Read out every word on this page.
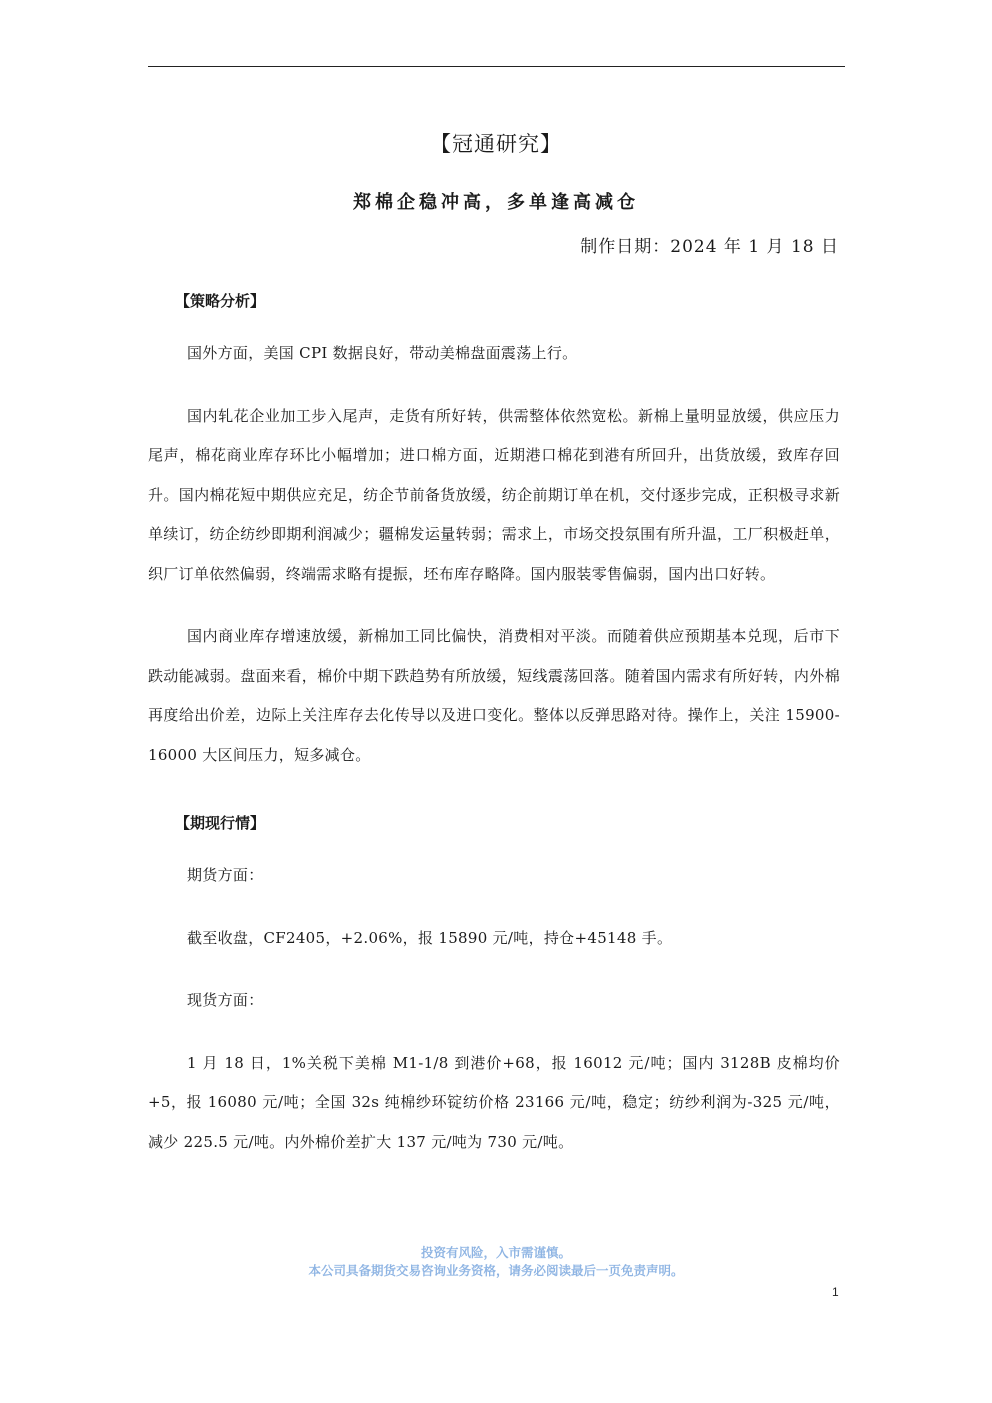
【冠通研究】
郑棉企稳冲高，多单逢高减仓
制作日期：2024 年 1 月 18 日
【策略分析】

国外方面，美国 CPI 数据良好，带动美棉盘面震荡上行。

国内轧花企业加工步入尾声，走货有所好转，供需整体依然宽松。新棉上量明显放缓，供应压力尾声，棉花商业库存环比小幅增加；进口棉方面，近期港口棉花到港有所回升，出货放缓，致库存回升。国内棉花短中期供应充足，纺企节前备货放缓，纺企前期订单在机，交付逐步完成，正积极寻求新单续订，纺企纺纱即期利润减少；疆棉发运量转弱；需求上，市场交投氛围有所升温，工厂积极赶单，织厂订单依然偏弱，终端需求略有提振，坯布库存略降。国内服装零售偏弱，国内出口好转。

国内商业库存增速放缓，新棉加工同比偏快，消费相对平淡。而随着供应预期基本兑现，后市下跌动能减弱。盘面来看，棉价中期下跌趋势有所放缓，短线震荡回落。随着国内需求有所好转，内外棉再度给出价差，边际上关注库存去化传导以及进口变化。整体以反弹思路对待。操作上，关注 15900-16000 大区间压力，短多减仓。

【期现行情】

期货方面：

截至收盘，CF2405，+2.06%，报 15890 元/吨，持仓+45148 手。

现货方面：

1 月 18 日，1%关税下美棉 M1-1/8 到港价+68，报 16012 元/吨；国内 3128B 皮棉均价+5，报 16080 元/吨；全国 32s 纯棉纱环锭纺价格 23166 元/吨，稳定；纺纱利润为-325 元/吨，减少 225.5 元/吨。内外棉价差扩大 137 元/吨为 730 元/吨。

投资有风险，入市需谨慎。
本公司具备期货交易咨询业务资格，请务必阅读最后一页免责声明。
1
